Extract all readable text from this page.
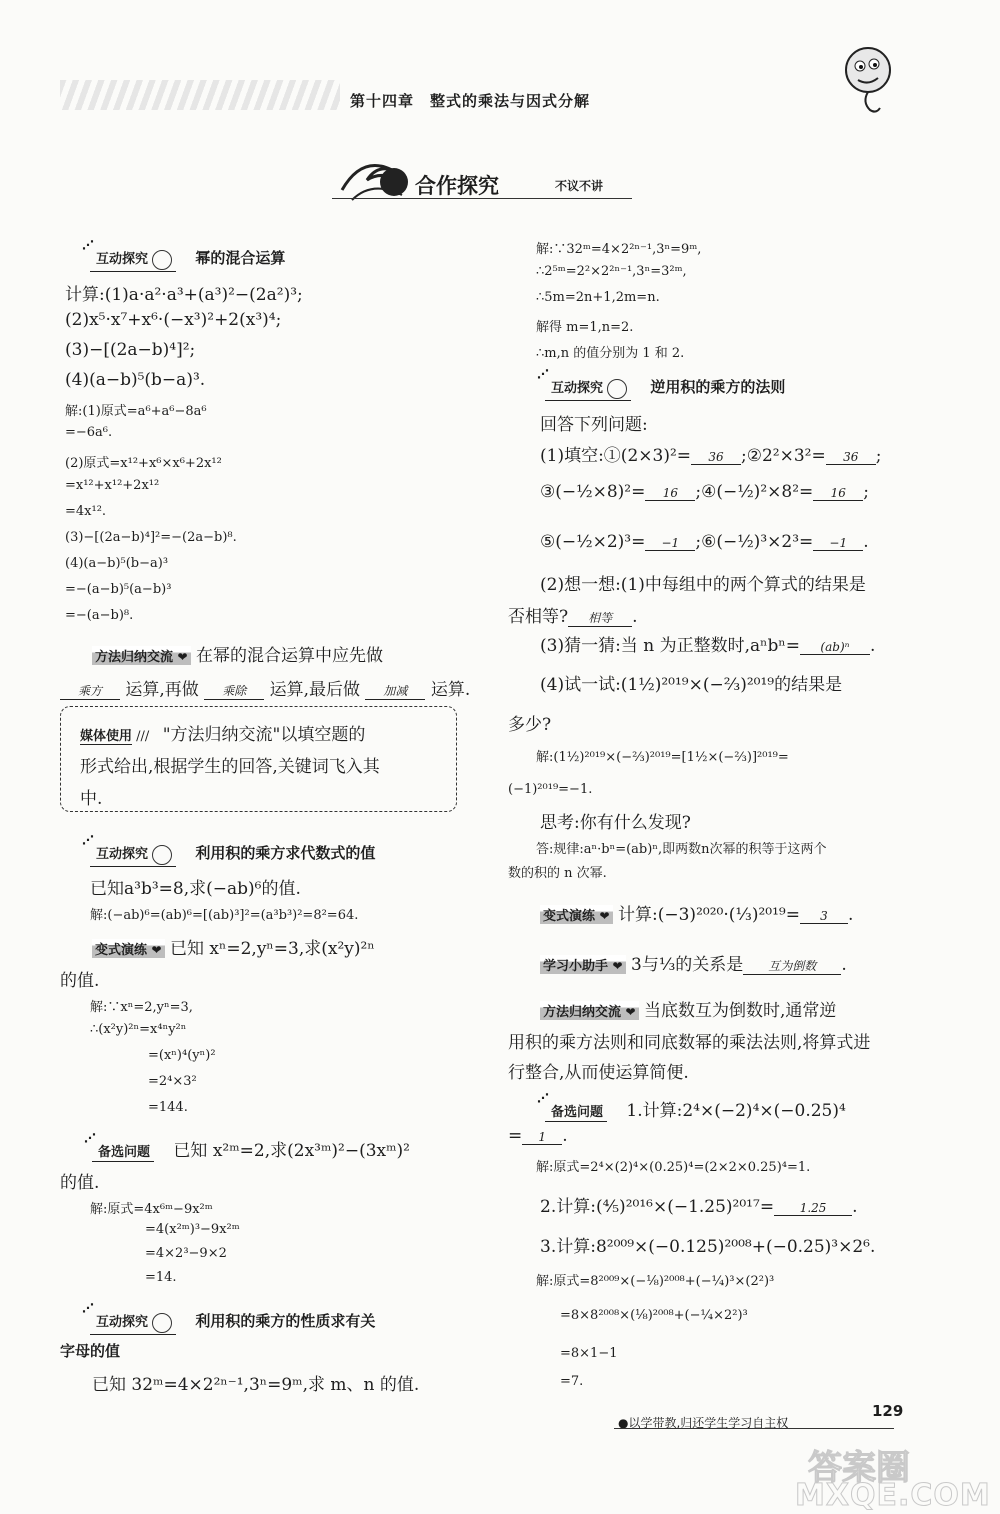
第十四章　整式的乘法与因式分解
合作探究	不议不讲
⋰ 互动探究	幂的混合运算
计算:(1)a·a²·a³+(a³)²−(2a²)³;
(2)x⁵·x⁷+x⁶·(−x³)²+2(x³)⁴;
(3)−[(2a−b)⁴]²;
(4)(a−b)⁵(b−a)³.
解:(1)原式=a⁶+a⁶−8a⁶
=−6a⁶.
(2)原式=x¹²+x⁶×x⁶+2x¹²
=x¹²+x¹²+2x¹²
=4x¹².
(3)−[(2a−b)⁴]²=−(2a−b)⁸.
(4)(a−b)⁵(b−a)³
=−(a−b)⁵(a−b)³
=−(a−b)⁸.
方法归纳交流 ❤ 在幂的混合运算中应先做
乘方 运算,再做 乘除 运算,最后做 加减 运算.
媒体使用 /// "方法归纳交流"以填空题的
形式给出,根据学生的回答,关键词飞入其
中.
⋰ 互动探究	利用积的乘方求代数式的值
已知a³b³=8,求(−ab)⁶的值.
解:(−ab)⁶=(ab)⁶=[(ab)³]²=(a³b³)²=8²=64.
变式演练 ❤ 已知 xⁿ=2,yⁿ=3,求(x²y)²ⁿ
的值.
解:∵xⁿ=2,yⁿ=3,
∴(x²y)²ⁿ=x⁴ⁿy²ⁿ
=(xⁿ)⁴(yⁿ)²
=2⁴×3²
=144.
⋰ 备选问题 已知 x²ᵐ=2,求(2x³ᵐ)²−(3xᵐ)²
的值.
解:原式=4x⁶ᵐ−9x²ᵐ
=4(x²ᵐ)³−9x²ᵐ
=4×2³−9×2
=14.
⋰ 互动探究	利用积的乘方的性质求有关
字母的值
已知 32ᵐ=4×2²ⁿ⁻¹,3ⁿ=9ᵐ,求 m、n 的值.
解:∵32ᵐ=4×2²ⁿ⁻¹,3ⁿ=9ᵐ,
∴2⁵ᵐ=2²×2²ⁿ⁻¹,3ⁿ=3²ᵐ,
∴5m=2n+1,2m=n.
解得 m=1,n=2.
∴m,n 的值分别为 1 和 2.
⋰ 互动探究	逆用积的乘方的法则
回答下列问题:
(1)填空:①(2×3)²= 36 ;②2²×3²= 36 ;
③(−½×8)²= 16 ;④(−½)²×8²= 16 ;
⑤(−½×2)³= −1 ;⑥(−½)³×2³= −1 .
(2)想一想:(1)中每组中的两个算式的结果是
否相等? 相等 .
(3)猜一猜:当 n 为正整数时,aⁿbⁿ= (ab)ⁿ .
(4)试一试:(1½)²⁰¹⁹×(−⅔)²⁰¹⁹的结果是
多少?
解:(1½)²⁰¹⁹×(−⅔)²⁰¹⁹=[1½×(−⅔)]²⁰¹⁹=
(−1)²⁰¹⁹=−1.
思考:你有什么发现?
答:规律:aⁿ·bⁿ=(ab)ⁿ,即两数n次幂的积等于这两个
数的积的 n 次幂.
变式演练 ❤ 计算:(−3)²⁰²⁰·(⅓)²⁰¹⁹= 3 .
学习小助手 ❤ 3与⅓的关系是 互为倒数 .
方法归纳交流 ❤ 当底数互为倒数时,通常逆
用积的乘方法则和同底数幂的乘法法则,将算式进
行整合,从而使运算简便.
⋰ 备选问题 1.计算:2⁴×(−2)⁴×(−0.25)⁴
= 1 .
解:原式=2⁴×(2)⁴×(0.25)⁴=(2×2×0.25)⁴=1.
2.计算:(⅘)²⁰¹⁶×(−1.25)²⁰¹⁷= 1.25 .
3.计算:8²⁰⁰⁹×(−0.125)²⁰⁰⁸+(−0.25)³×2⁶.
解:原式=8²⁰⁰⁹×(−⅛)²⁰⁰⁸+(−¼)³×(2²)³
=8×8²⁰⁰⁸×(⅛)²⁰⁰⁸+(−¼×2²)³
=8×1−1
=7.
●以学带教,归还学生学习自主权
129
答案圈
MXQE.COM
